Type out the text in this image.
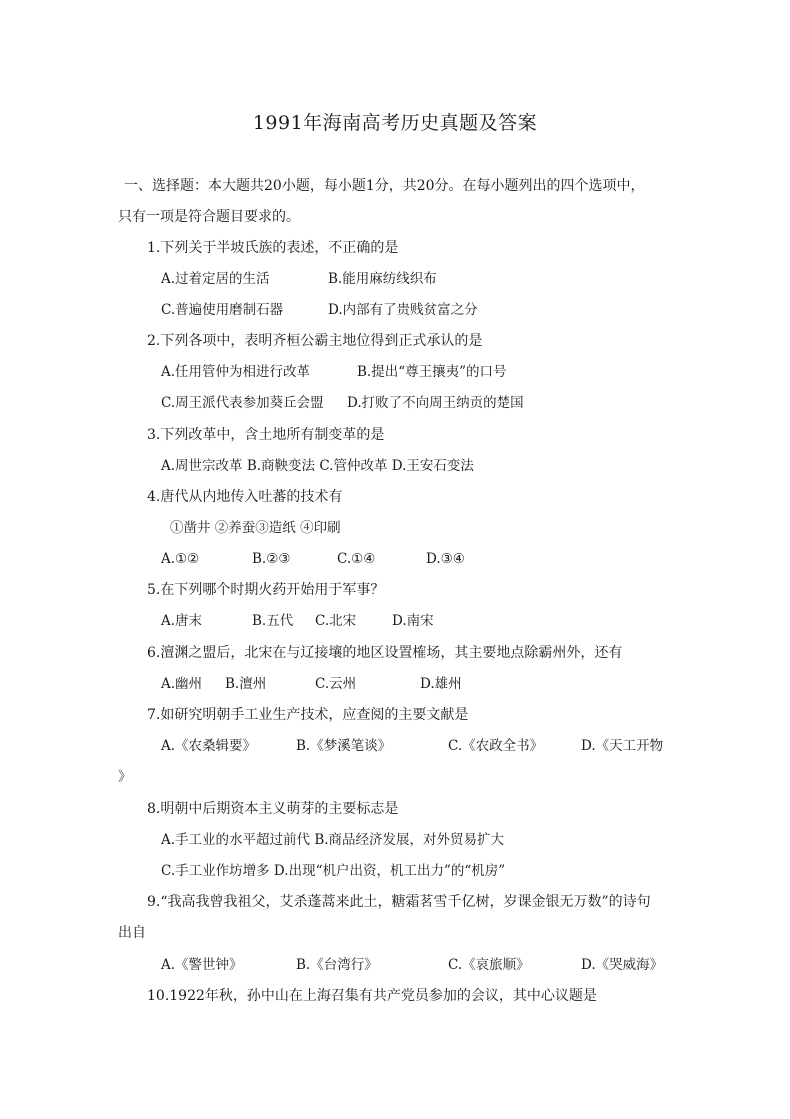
1991年海南高考历史真题及答案
一、选择题：本大题共20小题，每小题1分，共20分。在每小题列出的四个选项中，
只有一项是符合题目要求的。
1.下列关于半坡氏族的表述，不正确的是
A.过着定居的生活	B.能用麻纺线织布
C.普遍使用磨制石器	D.内部有了贵贱贫富之分
2.下列各项中，表明齐桓公霸主地位得到正式承认的是
A.任用管仲为相进行改革	B.提出“尊王攘夷”的口号
C.周王派代表参加葵丘会盟 D.打败了不向周王纳贡的楚国
3.下列改革中，含土地所有制变革的是
A.周世宗改革 B.商鞅变法 C.管仲改革 D.王安石变法
4.唐代从内地传入吐蕃的技术有
①凿井 ②养蚕③造纸 ④印刷
A.①②	B.②③	C.①④	D.③④
5.在下列哪个时期火药开始用于军事？
A.唐末	B.五代 C.北宋	D.南宋
6.澶渊之盟后，北宋在与辽接壤的地区设置榷场，其主要地点除霸州外，还有
A.幽州 B.澶州	C.云州	D.雄州
7.如研究明朝手工业生产技术，应查阅的主要文献是
A.《农桑辑要》	B.《梦溪笔谈》	C.《农政全书》	D.《天工开物
》
8.明朝中后期资本主义萌芽的主要标志是
A.手工业的水平超过前代 B.商品经济发展，对外贸易扩大
C.手工业作坊增多 D.出现“机户出资，机工出力”的“机房”
9.“我高我曾我祖父，艾杀蓬蒿来此土，糖霜茗雪千亿树，岁课金银无万数”的诗句
出自
A.《警世钟》	B.《台湾行》	C.《哀旅顺》	D.《哭威海》
10.1922年秋，孙中山在上海召集有共产党员参加的会议，其中心议题是
